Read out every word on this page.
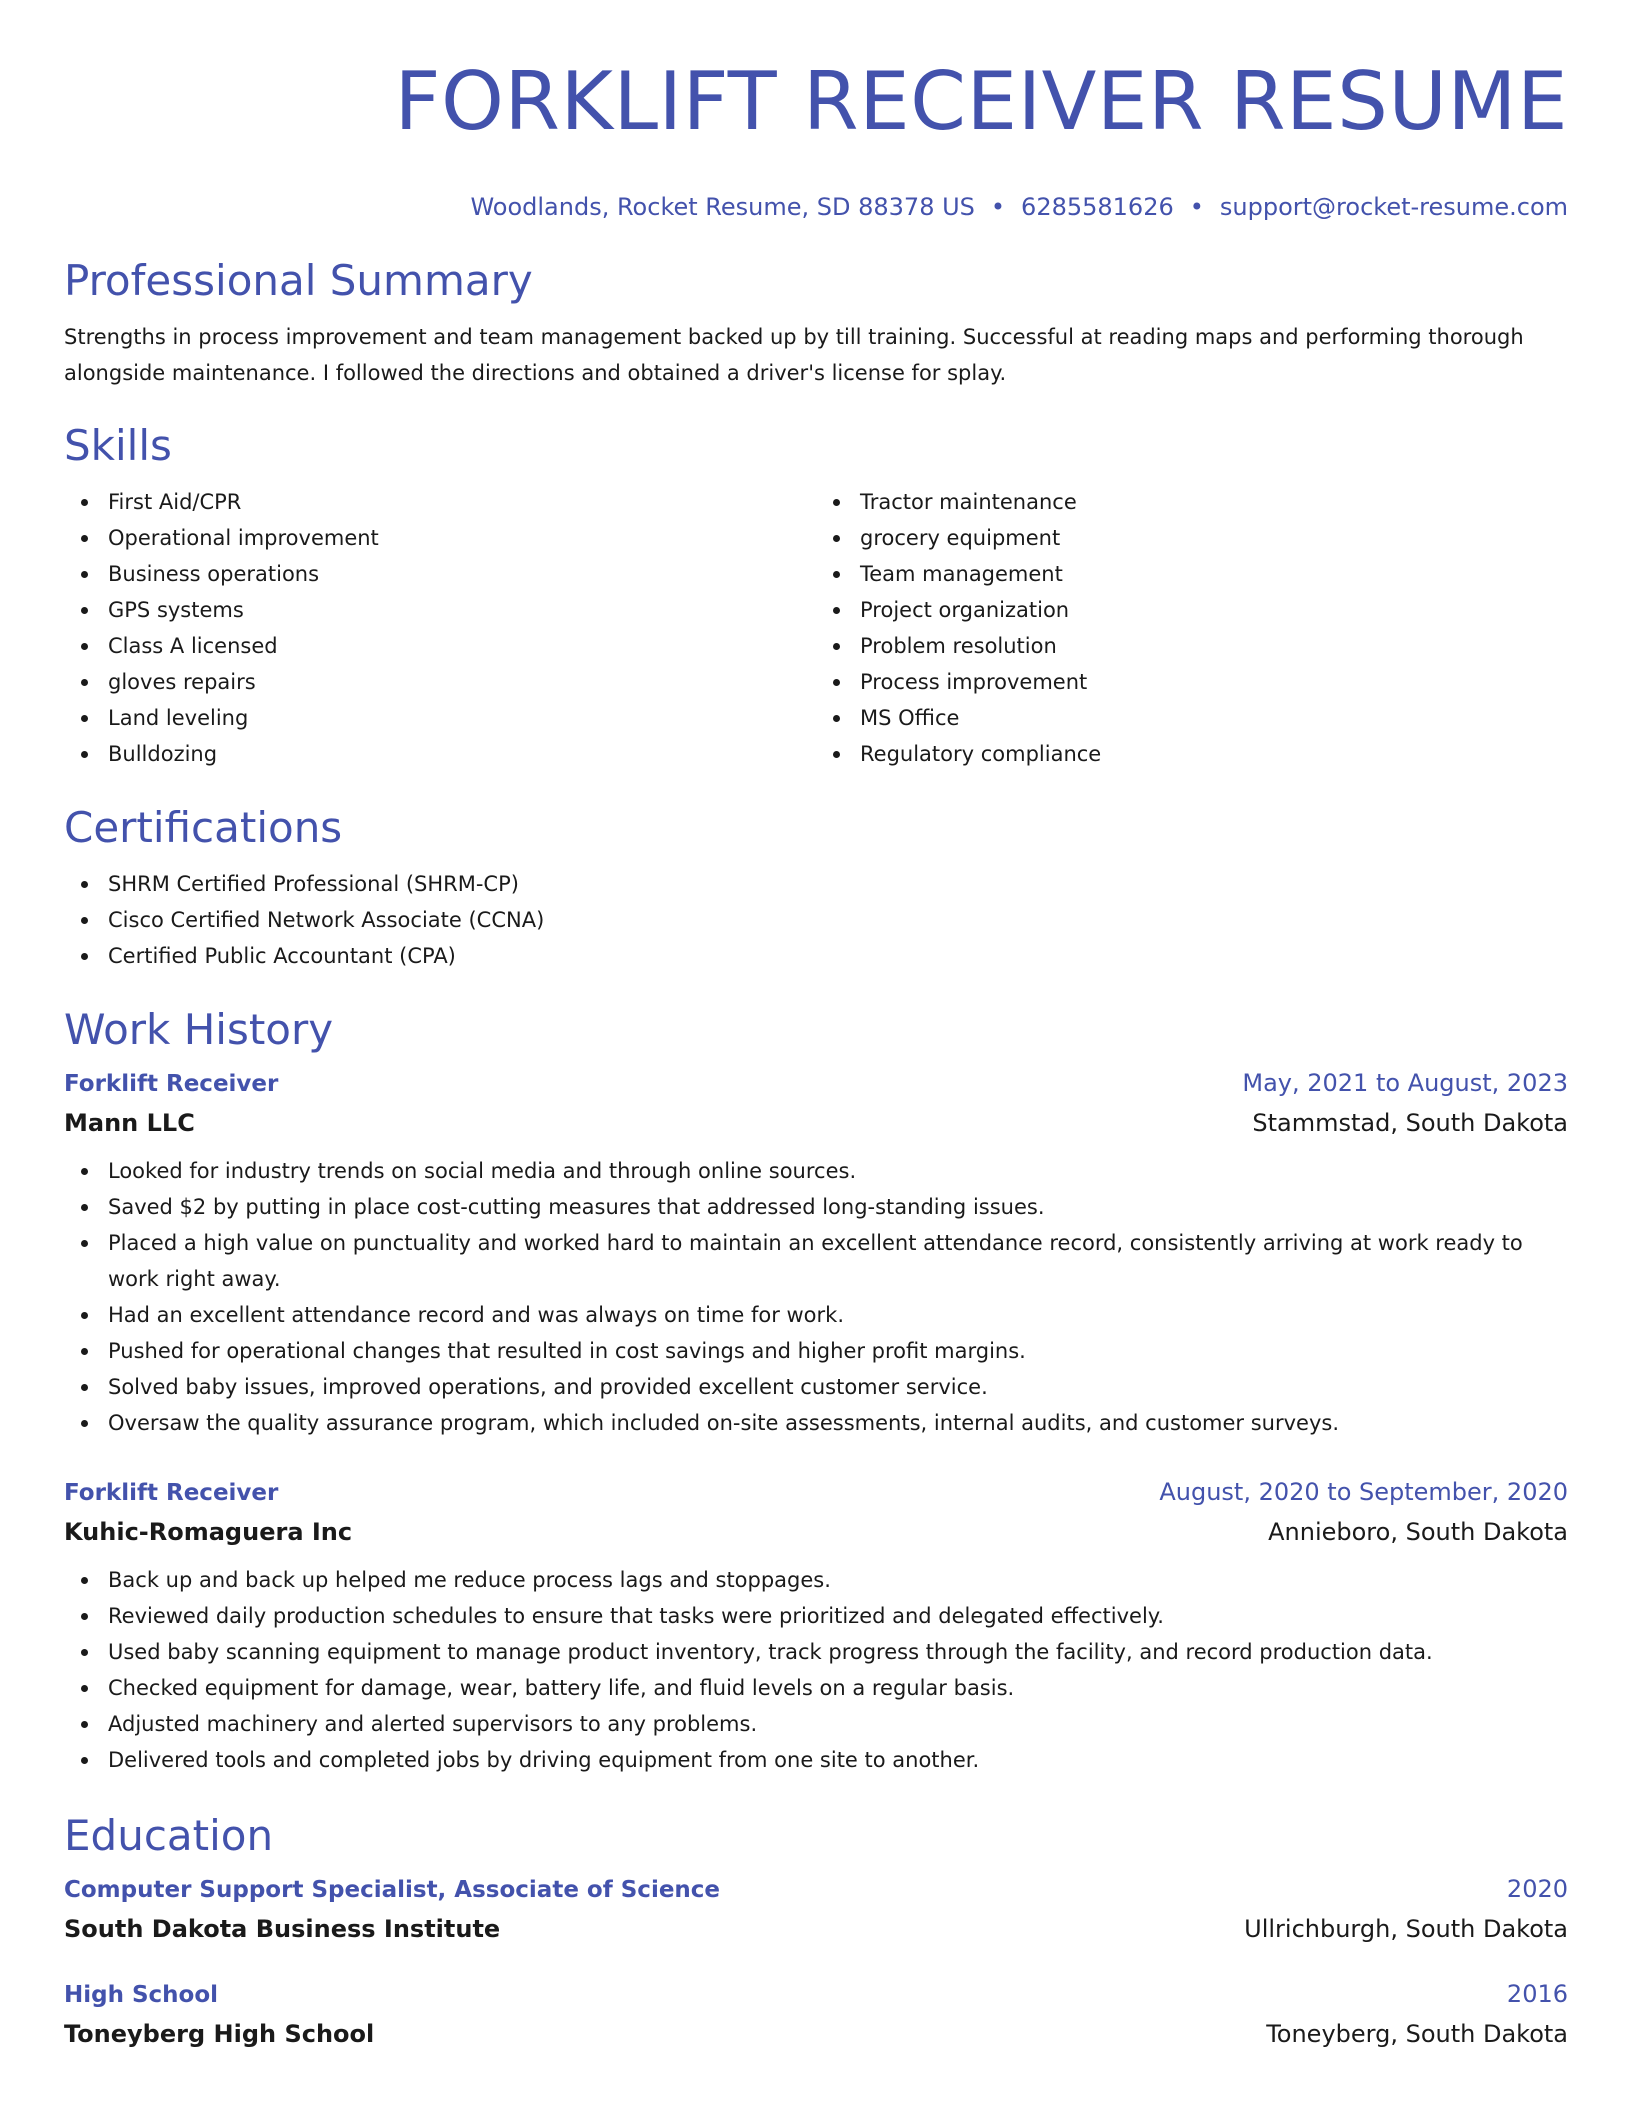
FORKLIFT RECEIVER RESUME
Woodlands, Rocket Resume, SD 88378 US • 6285581626 • support@rocket-resume.com
Professional Summary

Strengths in process improvement and team management backed up by till training. Successful at reading maps and performing thorough alongside maintenance. I followed the directions and obtained a driver's license for splay.

Skills
First Aid/CPR
Operational improvement
Business operations
GPS systems
Class A licensed
gloves repairs
Land leveling
Bulldozing
Tractor maintenance
grocery equipment
Team management
Project organization
Problem resolution
Process improvement
MS Office
Regulatory compliance
Certifications
SHRM Certified Professional (SHRM-CP)
Cisco Certified Network Associate (CCNA)
Certified Public Accountant (CPA)
Work History
Forklift Receiver	May, 2021 to August, 2023
Mann LLC	Stammstad, South Dakota
Looked for industry trends on social media and through online sources.
Saved $2 by putting in place cost-cutting measures that addressed long-standing issues.
Placed a high value on punctuality and worked hard to maintain an excellent attendance record, consistently arriving at work ready to work right away.
Had an excellent attendance record and was always on time for work.
Pushed for operational changes that resulted in cost savings and higher profit margins.
Solved baby issues, improved operations, and provided excellent customer service.
Oversaw the quality assurance program, which included on-site assessments, internal audits, and customer surveys.
Forklift Receiver	August, 2020 to September, 2020
Kuhic-Romaguera Inc	Annieboro, South Dakota
Back up and back up helped me reduce process lags and stoppages.
Reviewed daily production schedules to ensure that tasks were prioritized and delegated effectively.
Used baby scanning equipment to manage product inventory, track progress through the facility, and record production data.
Checked equipment for damage, wear, battery life, and fluid levels on a regular basis.
Adjusted machinery and alerted supervisors to any problems.
Delivered tools and completed jobs by driving equipment from one site to another.
Education
Computer Support Specialist, Associate of Science	2020
South Dakota Business Institute	Ullrichburgh, South Dakota
High School	2016
Toneyberg High School	Toneyberg, South Dakota
